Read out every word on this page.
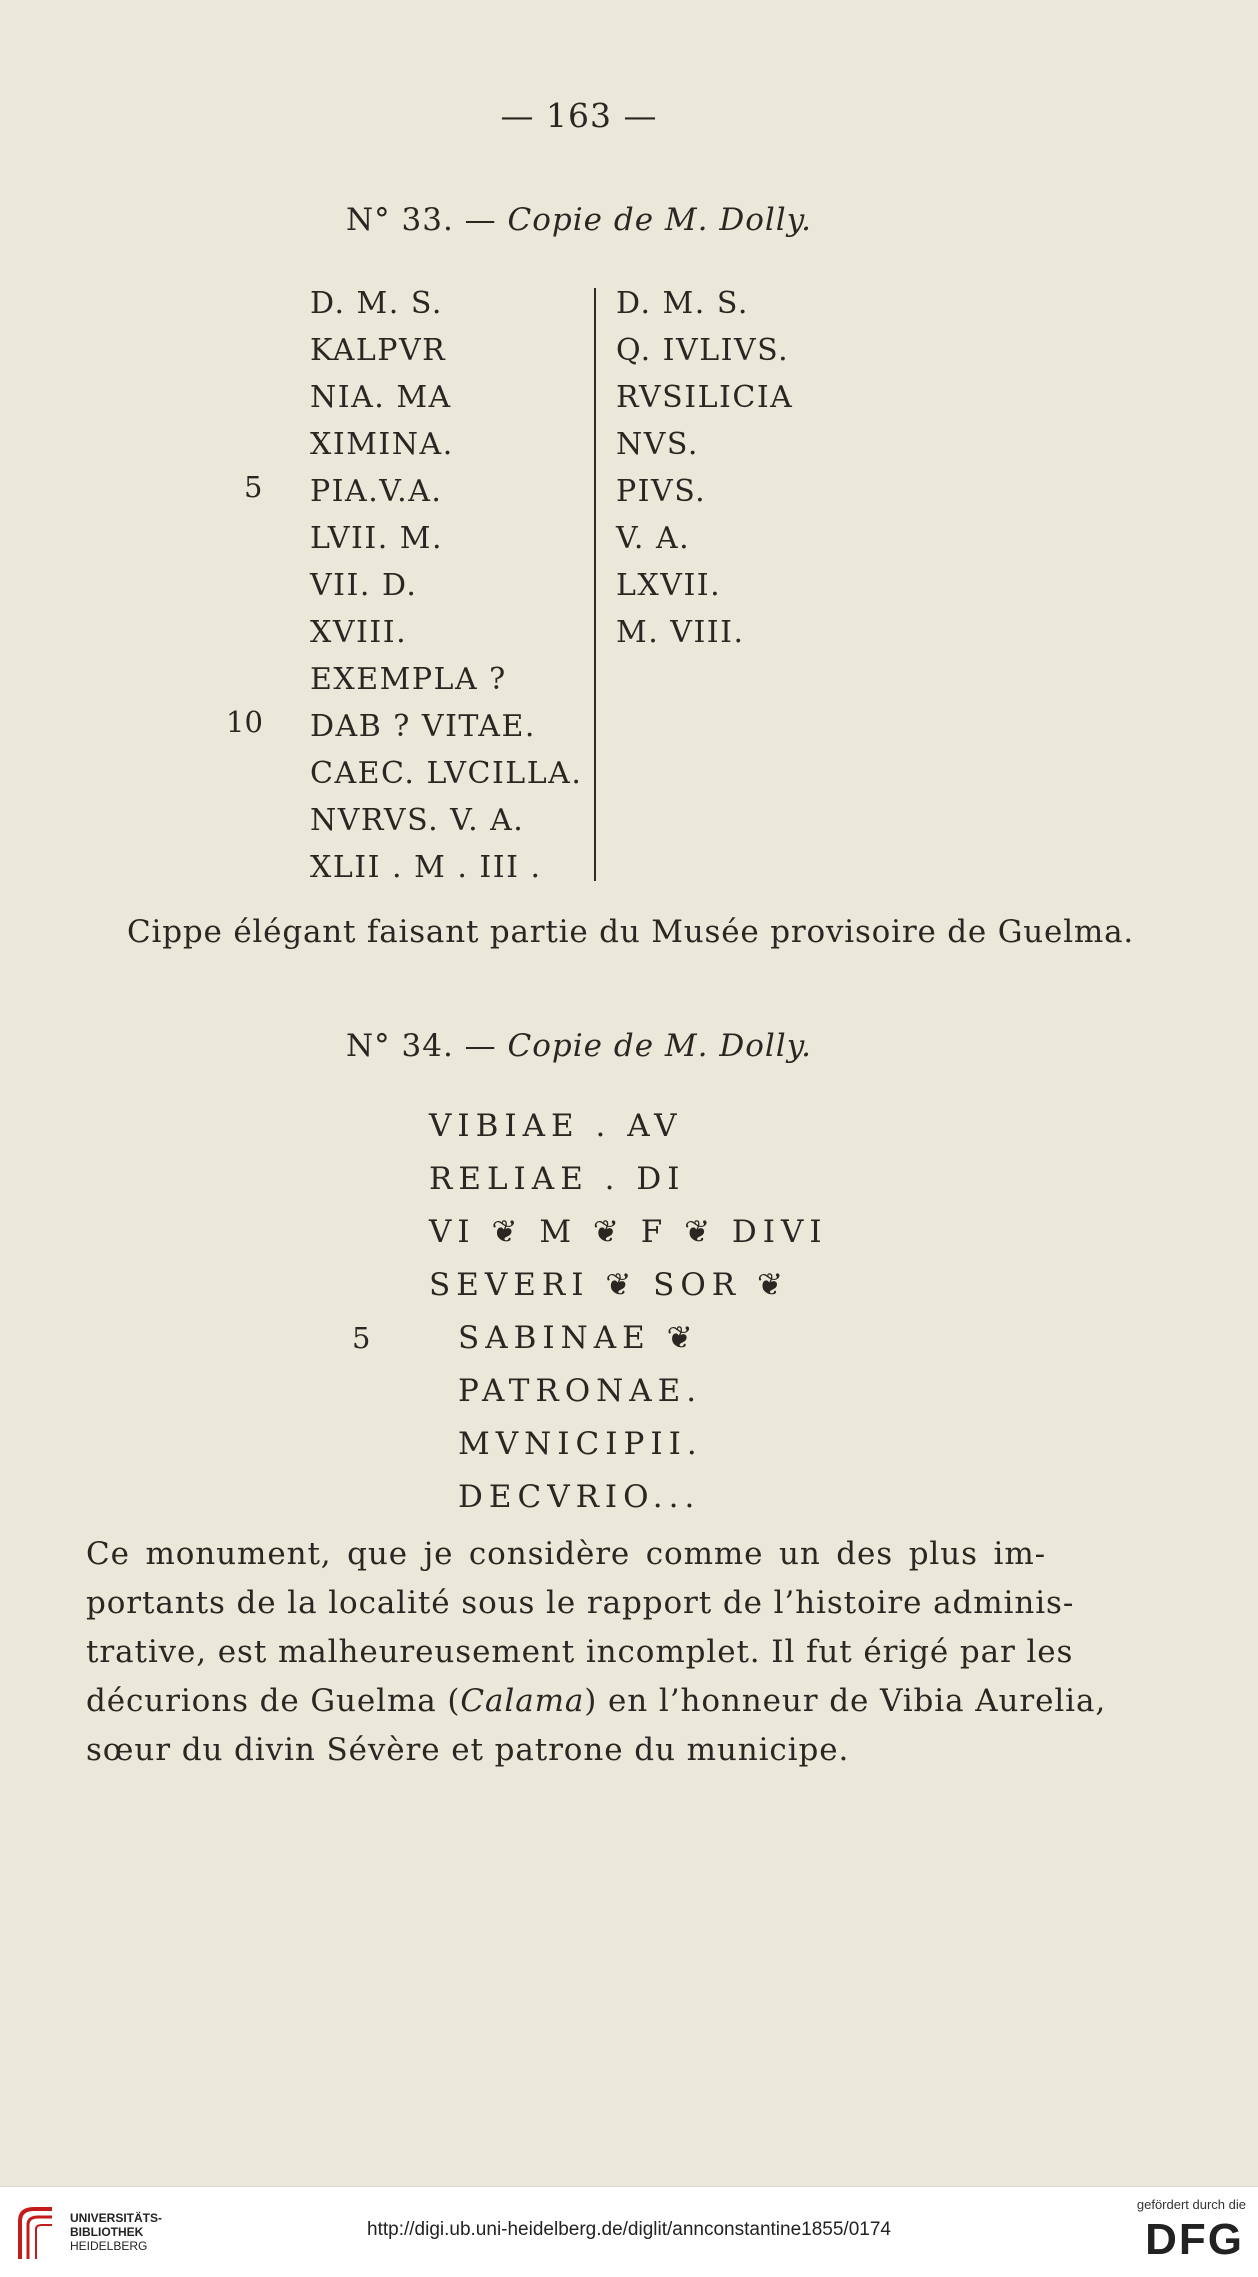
— 163 —
N° 33. — Copie de M. Dolly.
D. M. S.
KALPVR
NIA. MA
XIMINA.
PIA.V.A.
LVII. M.
VII. D.
XVIII.
EXEMPLA ?
DAB ? VITAE.
CAEC. LVCILLA.
NVRVS. V. A.
XLII . M . III .
D. M. S.
Q. IVLIVS.
RVSILICIA
NVS.
PIVS.
V. A.
LXVII.
M. VIII.
5
10
Cippe élégant faisant partie du Musée provisoire de Guelma.
N° 34. — Copie de M. Dolly.
VIBIAE . AV
RELIAE . DI
VI ❦ M ❦ F ❦ DIVI
SEVERI ❦ SOR ❦
5	SABINAE ❦
PATRONAE.
MVNICIPII.
DECVRIO...
Ce monument, que je considère comme un des plus im-
portants de la localité sous le rapport de l’histoire adminis-
trative, est malheureusement incomplet. Il fut érigé par les
décurions de Guelma (Calama) en l’honneur de Vibia Aurelia,
sœur du divin Sévère et patrone du municipe.
UNIVERSITÄTS-
BIBLIOTHEK
HEIDELBERG
http://digi.ub.uni-heidelberg.de/diglit/annconstantine1855/0174
gefördert durch die
DFG
